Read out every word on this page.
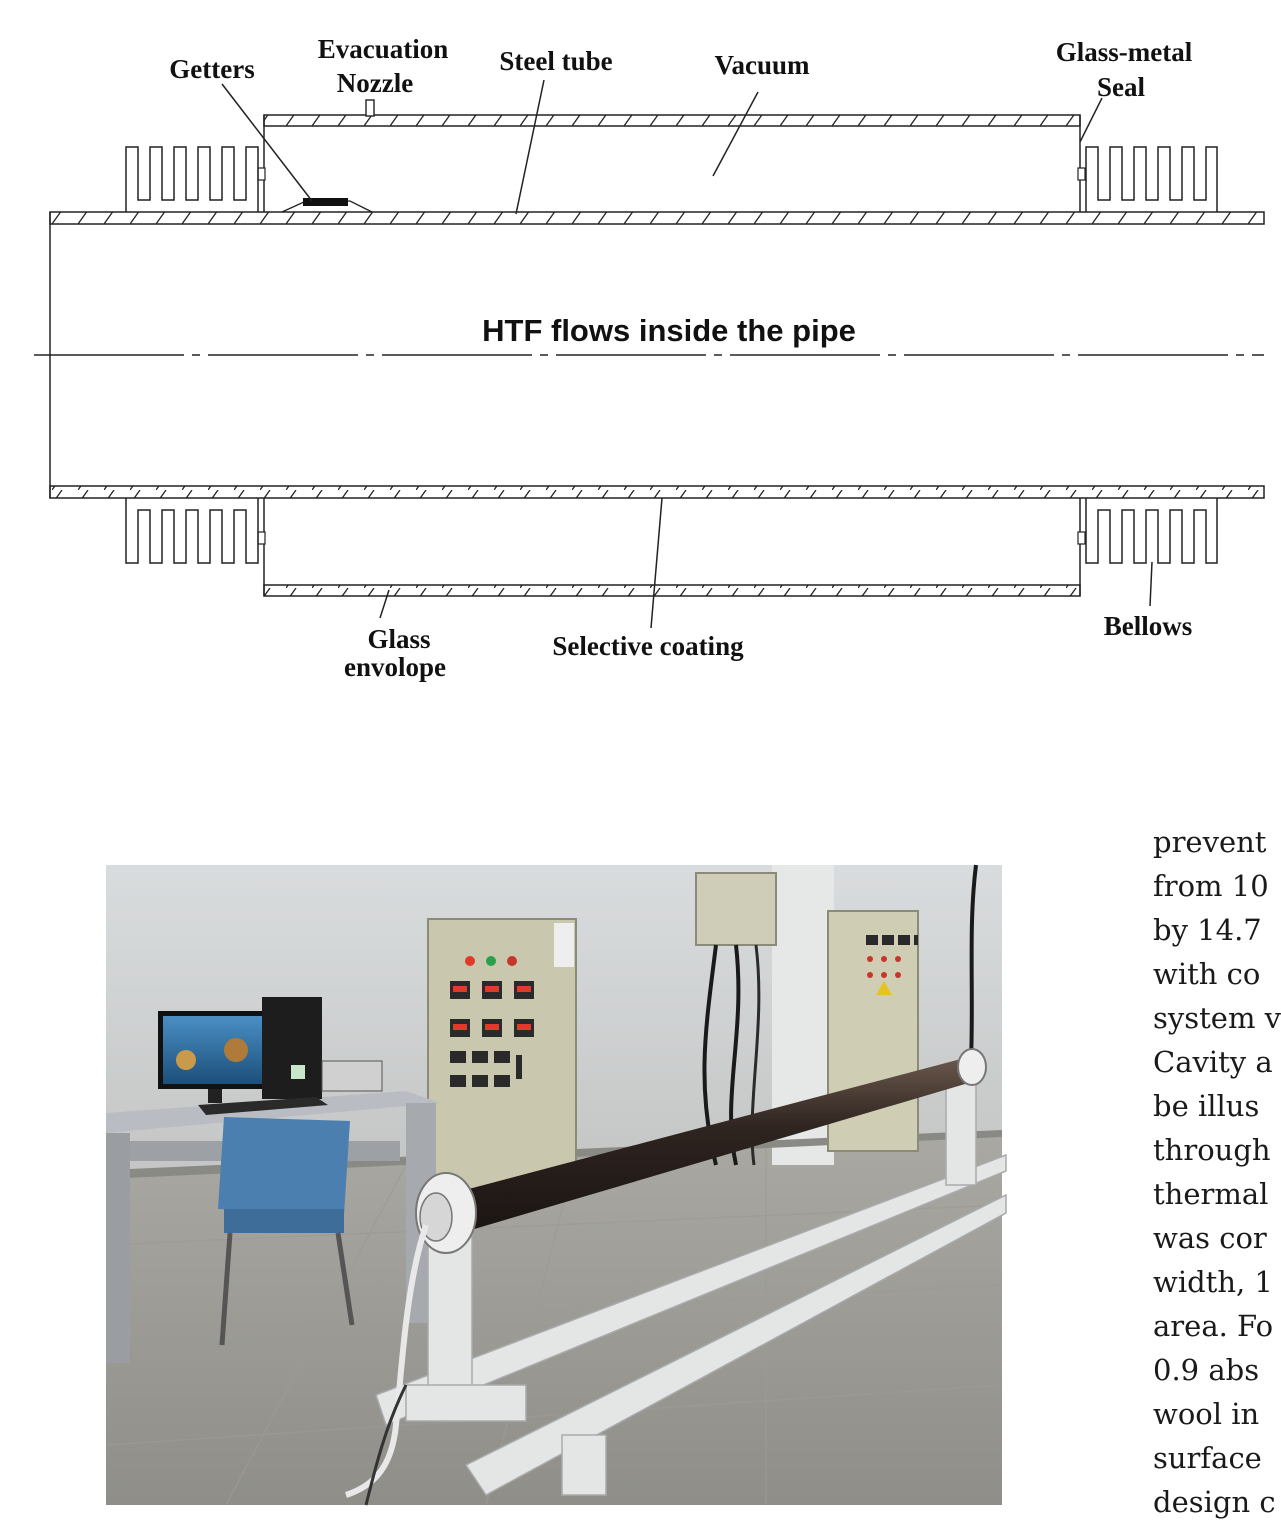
Getters
Evacuation
Nozzle
Steel tube	Vacuum	Glass-metal
Seal
HTF flows inside the pipe
Glass
envolope
Selective coating
Bellows
prevent
from 10
by 14.7
with co
system v
Cavity a
be illus
through
thermal
was cor
width, 1
area. Fo
0.9 abs
wool in
surface
design c
